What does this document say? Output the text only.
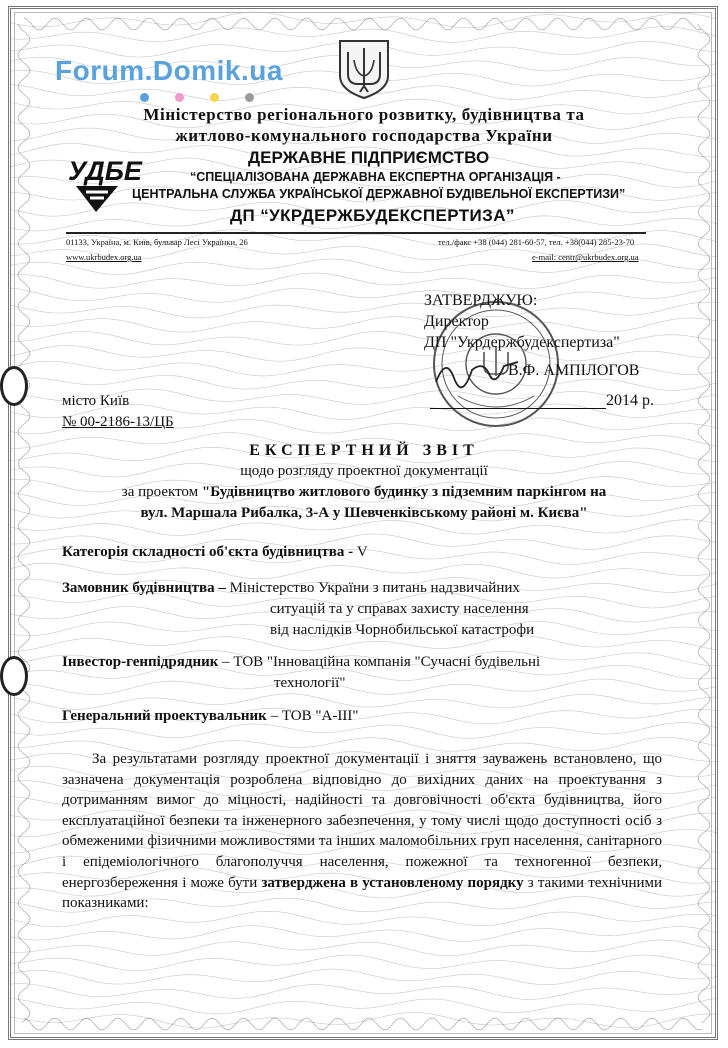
Forum.Domik.ua

Міністерство регіонального розвитку, будівництва та
житлово-комунального господарства України
УДБЕ	ДЕРЖАВНЕ ПІДПРИЄМСТВО
“СПЕЦІАЛІЗОВАНА ДЕРЖАВНА ЕКСПЕРТНА ОРГАНІЗАЦІЯ -
ЦЕНТРАЛЬНА СЛУЖБА УКРАЇНСЬКОЇ ДЕРЖАВНОЇ БУДІВЕЛЬНОЇ ЕКСПЕРТИЗИ”
ДП “УКРДЕРЖБУДЕКСПЕРТИЗА”
01133, Україна, м. Київ, бульвар Лесі Українки, 26	тел./факс +38 (044) 281-60-57, тел. +38(044) 285-23-70
www.ukrbudex.org.ua	e-mail: centr@ukrbudex.org.ua
ЗАТВЕРДЖУЮ:
Директор
ДП "Укрдержбудекспертиза"
В.Ф. АМПІЛОГОВ
2014 р.
місто Київ
№ 00-2186-13/ЦБ
ЕКСПЕРТНИЙ ЗВІТ
щодо розгляду проектної документації
за проектом "Будівництво житлового будинку з підземним паркінгом на
вул. Маршала Рибалка, 3-А у Шевченківському районі м. Києва"
Категорія складності об'єкта будівництва - V
Замовник будівництва – Міністерство України з питань надзвичайних
ситуацій та у справах захисту населення
від наслідків Чорнобильської катастрофи
Інвестор-генпідрядник – ТОВ "Інноваційна компанія "Сучасні будівельні
технології"
Генеральний проектувальник – ТОВ "А-ІІІ"
За результатами розгляду проектної документації і зняття зауважень встановлено, що зазначена документація розроблена відповідно до вихідних даних на проектування з дотриманням вимог до міцності, надійності та довговічності об'єкта будівництва, його експлуатаційної безпеки та інженерного забезпечення, у тому числі щодо доступності осіб з обмеженими фізичними можливостями та інших маломобільних груп населення, санітарного і епідеміологічного благополуччя населення, пожежної та техногенної безпеки, енергозбереження і може бути затверджена в установленому порядку з такими технічними показниками:
